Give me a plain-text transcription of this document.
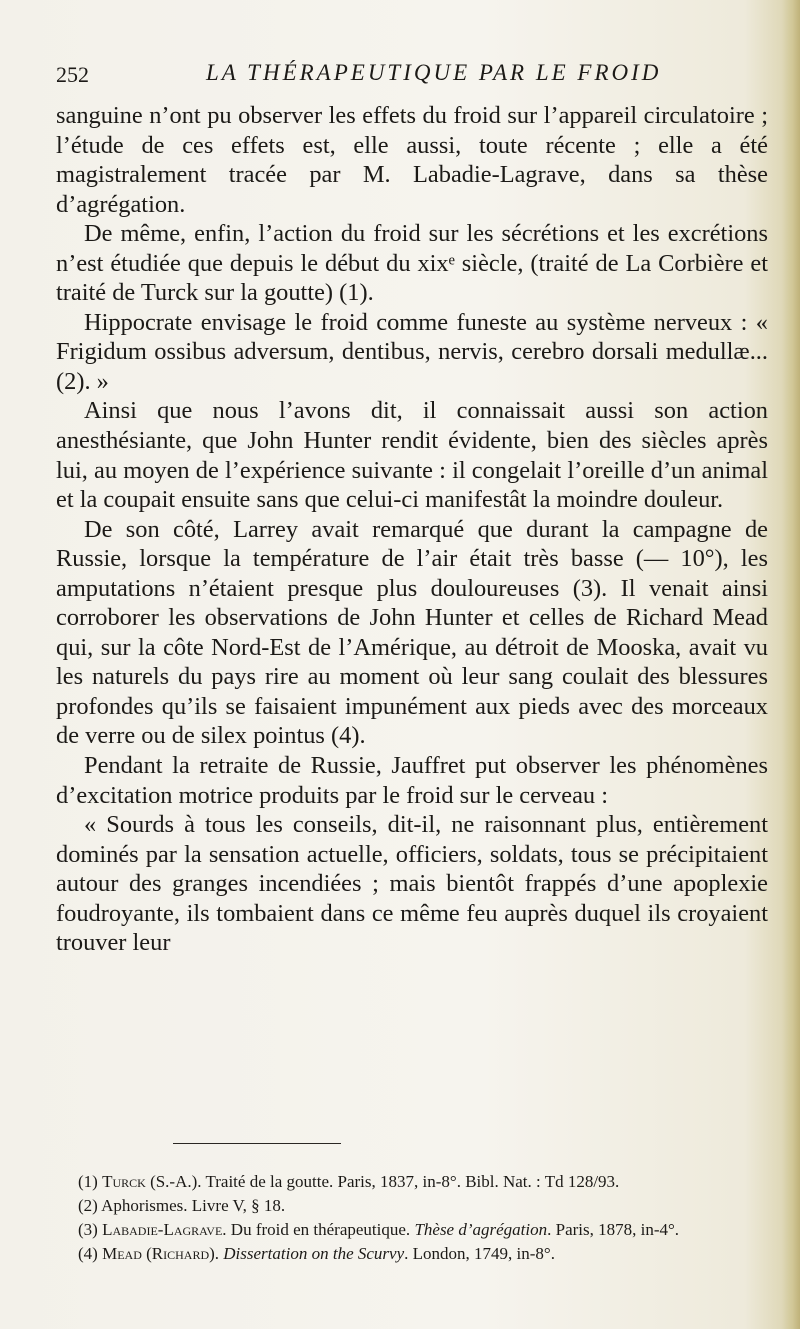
252	LA THÉRAPEUTIQUE PAR LE FROID

sanguine n’ont pu observer les effets du froid sur l’appareil circulatoire ; l’étude de ces effets est, elle aussi, toute récente ; elle a été magistralement tracée par M. Labadie-Lagrave, dans sa thèse d’agrégation.

De même, enfin, l’action du froid sur les sécrétions et les excrétions n’est étudiée que depuis le début du xixᵉ siècle, (traité de La Corbière et traité de Turck sur la goutte) (1).

Hippocrate envisage le froid comme funeste au système nerveux : « Frigidum ossibus adversum, dentibus, nervis, cerebro dorsali medullæ... (2). »

Ainsi que nous l’avons dit, il connaissait aussi son action anesthésiante, que John Hunter rendit évidente, bien des siècles après lui, au moyen de l’expérience suivante : il congelait l’oreille d’un animal et la coupait ensuite sans que celui-ci manifestât la moindre douleur.

De son côté, Larrey avait remarqué que durant la campagne de Russie, lorsque la température de l’air était très basse (— 10°), les amputations n’étaient presque plus douloureuses (3). Il venait ainsi corroborer les observations de John Hunter et celles de Richard Mead qui, sur la côte Nord-Est de l’Amérique, au détroit de Mooska, avait vu les naturels du pays rire au moment où leur sang coulait des blessures profondes qu’ils se faisaient impunément aux pieds avec des morceaux de verre ou de silex pointus (4).

Pendant la retraite de Russie, Jauffret put observer les phénomènes d’excitation motrice produits par le froid sur le cerveau :

« Sourds à tous les conseils, dit-il, ne raisonnant plus, entièrement dominés par la sensation actuelle, officiers, soldats, tous se précipitaient autour des granges incendiées ; mais bientôt frappés d’une apoplexie foudroyante, ils tombaient dans ce même feu auprès duquel ils croyaient trouver leur

(1) Turck (S.-A.). Traité de la goutte. Paris, 1837, in-8°. Bibl. Nat. : Td 128/93.

(2) Aphorismes. Livre V, § 18.

(3) Labadie-Lagrave. Du froid en thérapeutique. Thèse d’agrégation. Paris, 1878, in-4°.

(4) Mead (Richard). Dissertation on the Scurvy. London, 1749, in-8°.
